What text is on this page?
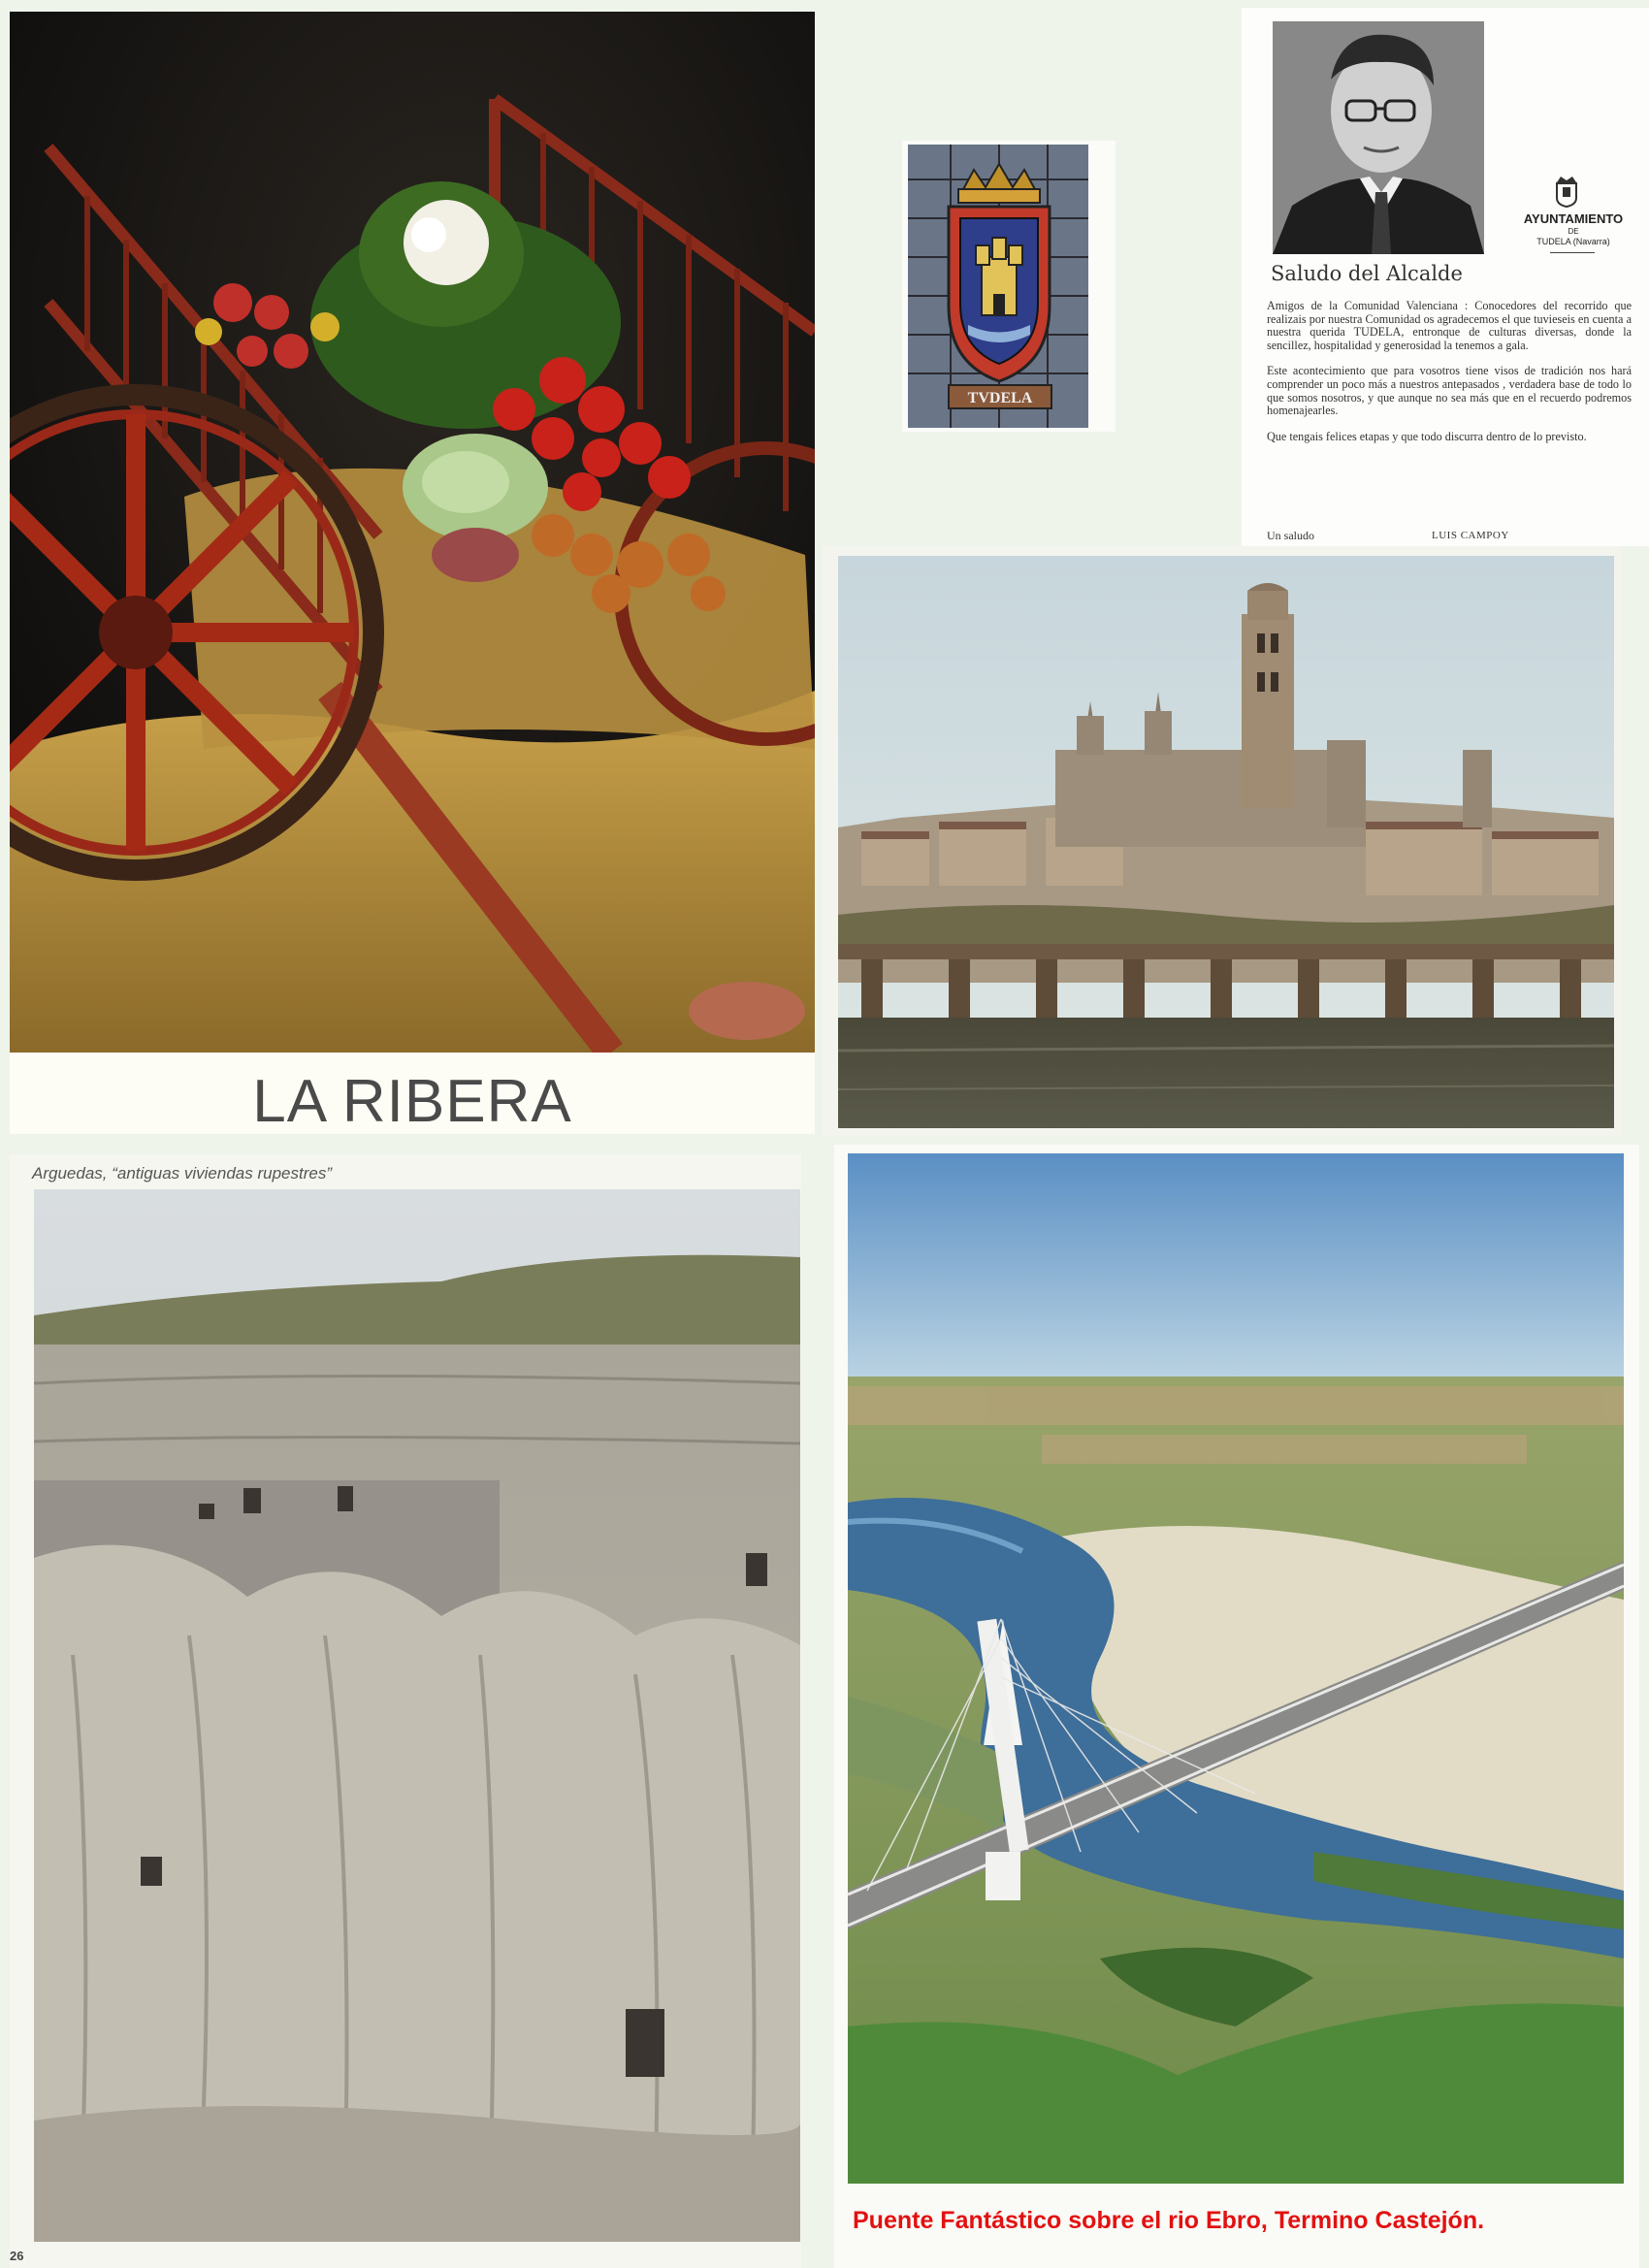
LA RIBERA
TVDELA
AYUNTAMIENTO
DE
TUDELA (Navarra)
Saludo del Alcalde

Amigos de la Comunidad Valenciana : Conocedores del recorrido que realizais por nuestra Comunidad os agradecemos el que tuvieseis en cuenta a nuestra querida TUDELA, entronque de culturas diversas, donde la sencillez, hospitalidad y generosidad la tenemos a gala.

Este acontecimiento que para vosotros tiene visos de tradición nos hará comprender un poco más a nuestros antepasados , verdadera base de todo lo que somos nosotros, y que aunque no sea más que en el recuerdo podremos homenajearles.

Que tengais felices etapas y que todo discurra dentro de lo previsto.

Un saludo	LUIS CAMPOY
Arguedas, “antiguas viviendas rupestres”
26
Puente Fantástico sobre el rio Ebro, Termino Castejón.
